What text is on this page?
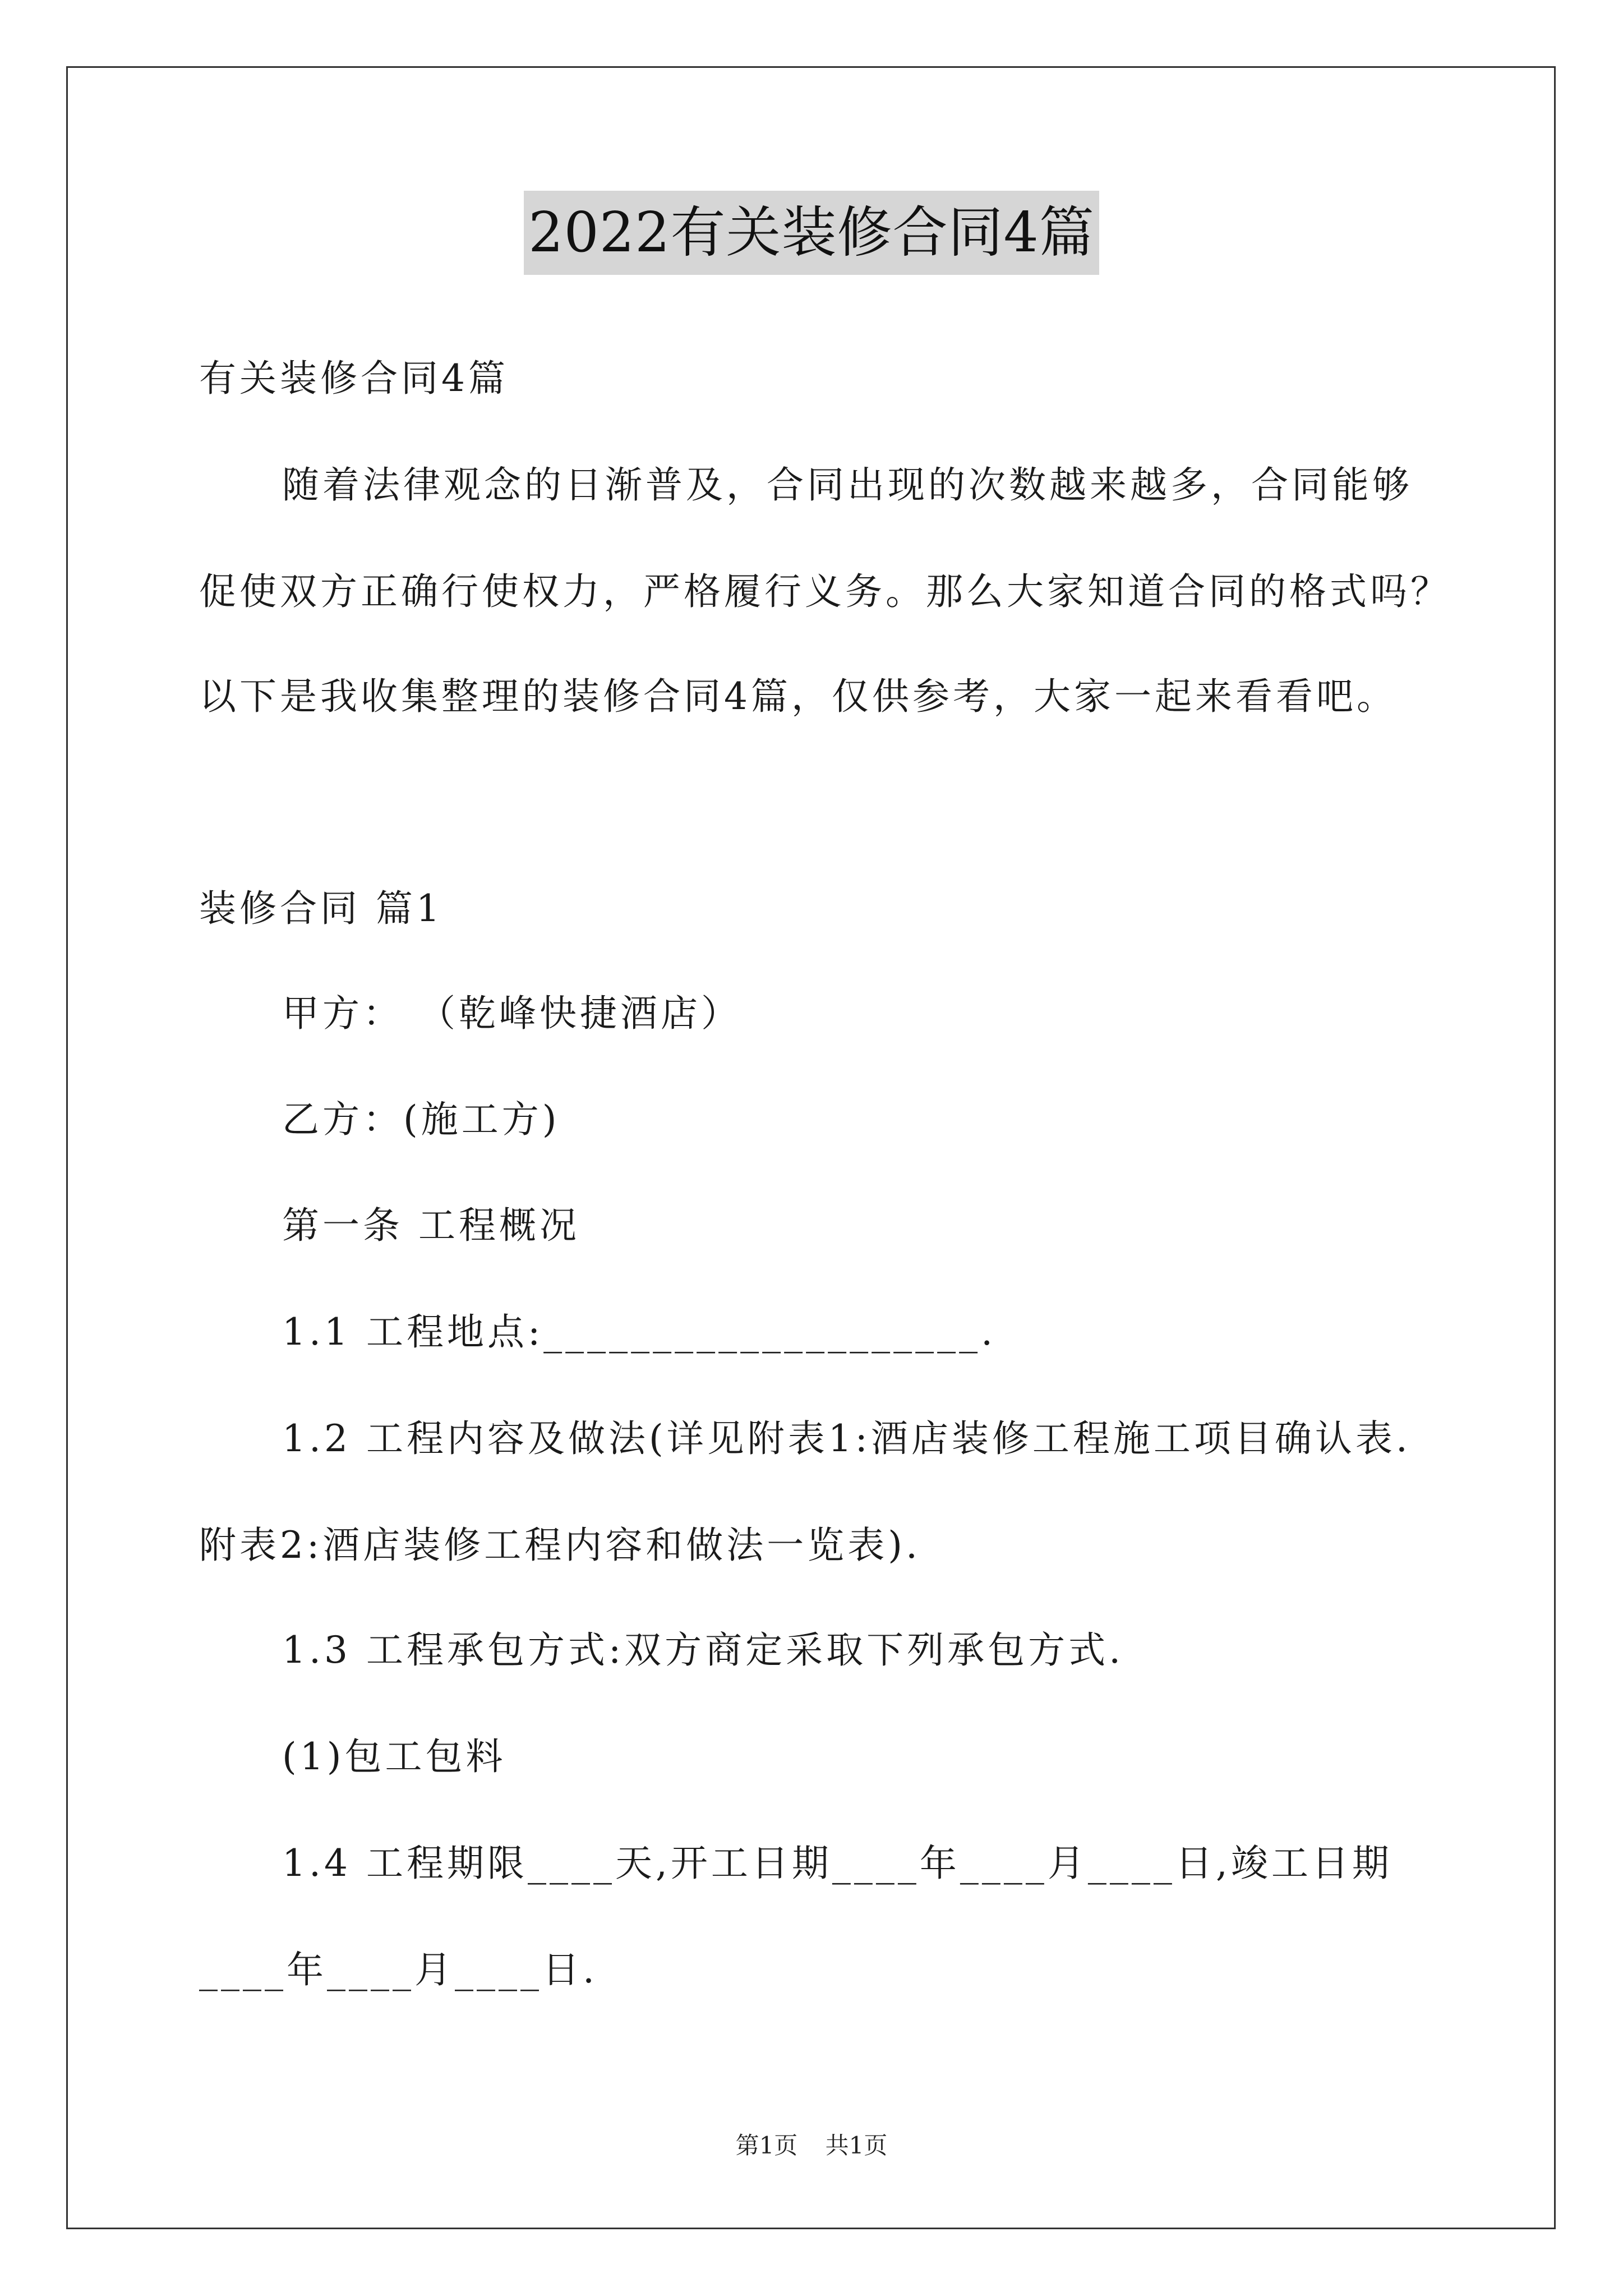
2022有关装修合同4篇
有关装修合同4篇
随着法律观念的日渐普及，合同出现的次数越来越多，合同能够
促使双方正确行使权力，严格履行义务。那么大家知道合同的格式吗？
以下是我收集整理的装修合同4篇，仅供参考，大家一起来看看吧。
装修合同 篇1
甲方： （乾峰快捷酒店）
乙方：(施工方)
第一条 工程概况
1.1 工程地点:____________________.
1.2 工程内容及做法(详见附表1:酒店装修工程施工项目确认表.
附表2:酒店装修工程内容和做法一览表).
1.3 工程承包方式:双方商定采取下列承包方式.
(1)包工包料
1.4 工程期限____天,开工日期____年____月____日,竣工日期
____年____月____日.
第1页 共1页
